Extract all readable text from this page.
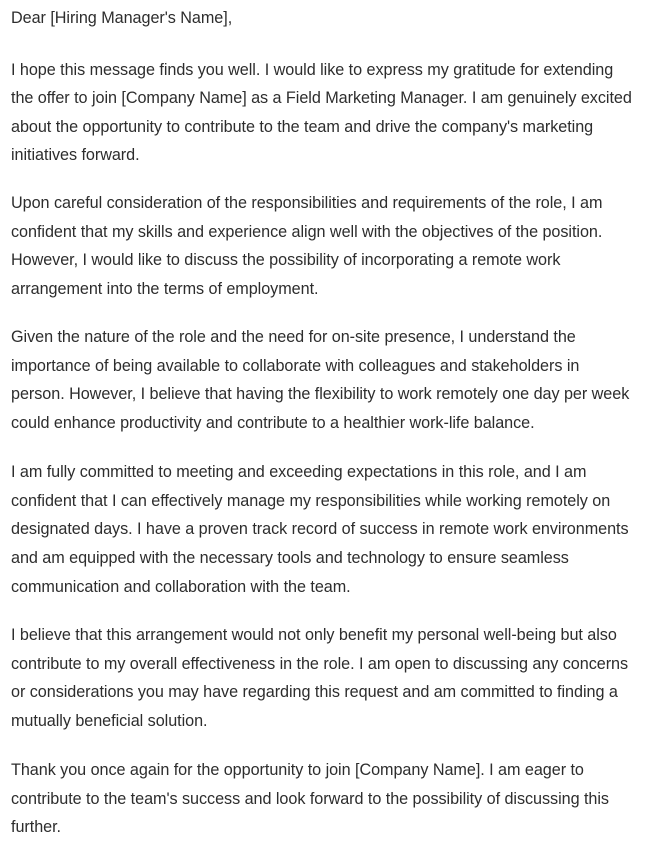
Dear [Hiring Manager's Name],
I hope this message finds you well. I would like to express my gratitude for extending
the offer to join [Company Name] as a Field Marketing Manager. I am genuinely excited
about the opportunity to contribute to the team and drive the company's marketing
initiatives forward.
Upon careful consideration of the responsibilities and requirements of the role, I am
confident that my skills and experience align well with the objectives of the position.
However, I would like to discuss the possibility of incorporating a remote work
arrangement into the terms of employment.
Given the nature of the role and the need for on-site presence, I understand the
importance of being available to collaborate with colleagues and stakeholders in
person. However, I believe that having the flexibility to work remotely one day per week
could enhance productivity and contribute to a healthier work-life balance.
I am fully committed to meeting and exceeding expectations in this role, and I am
confident that I can effectively manage my responsibilities while working remotely on
designated days. I have a proven track record of success in remote work environments
and am equipped with the necessary tools and technology to ensure seamless
communication and collaboration with the team.
I believe that this arrangement would not only benefit my personal well-being but also
contribute to my overall effectiveness in the role. I am open to discussing any concerns
or considerations you may have regarding this request and am committed to finding a
mutually beneficial solution.
Thank you once again for the opportunity to join [Company Name]. I am eager to
contribute to the team's success and look forward to the possibility of discussing this
further.
